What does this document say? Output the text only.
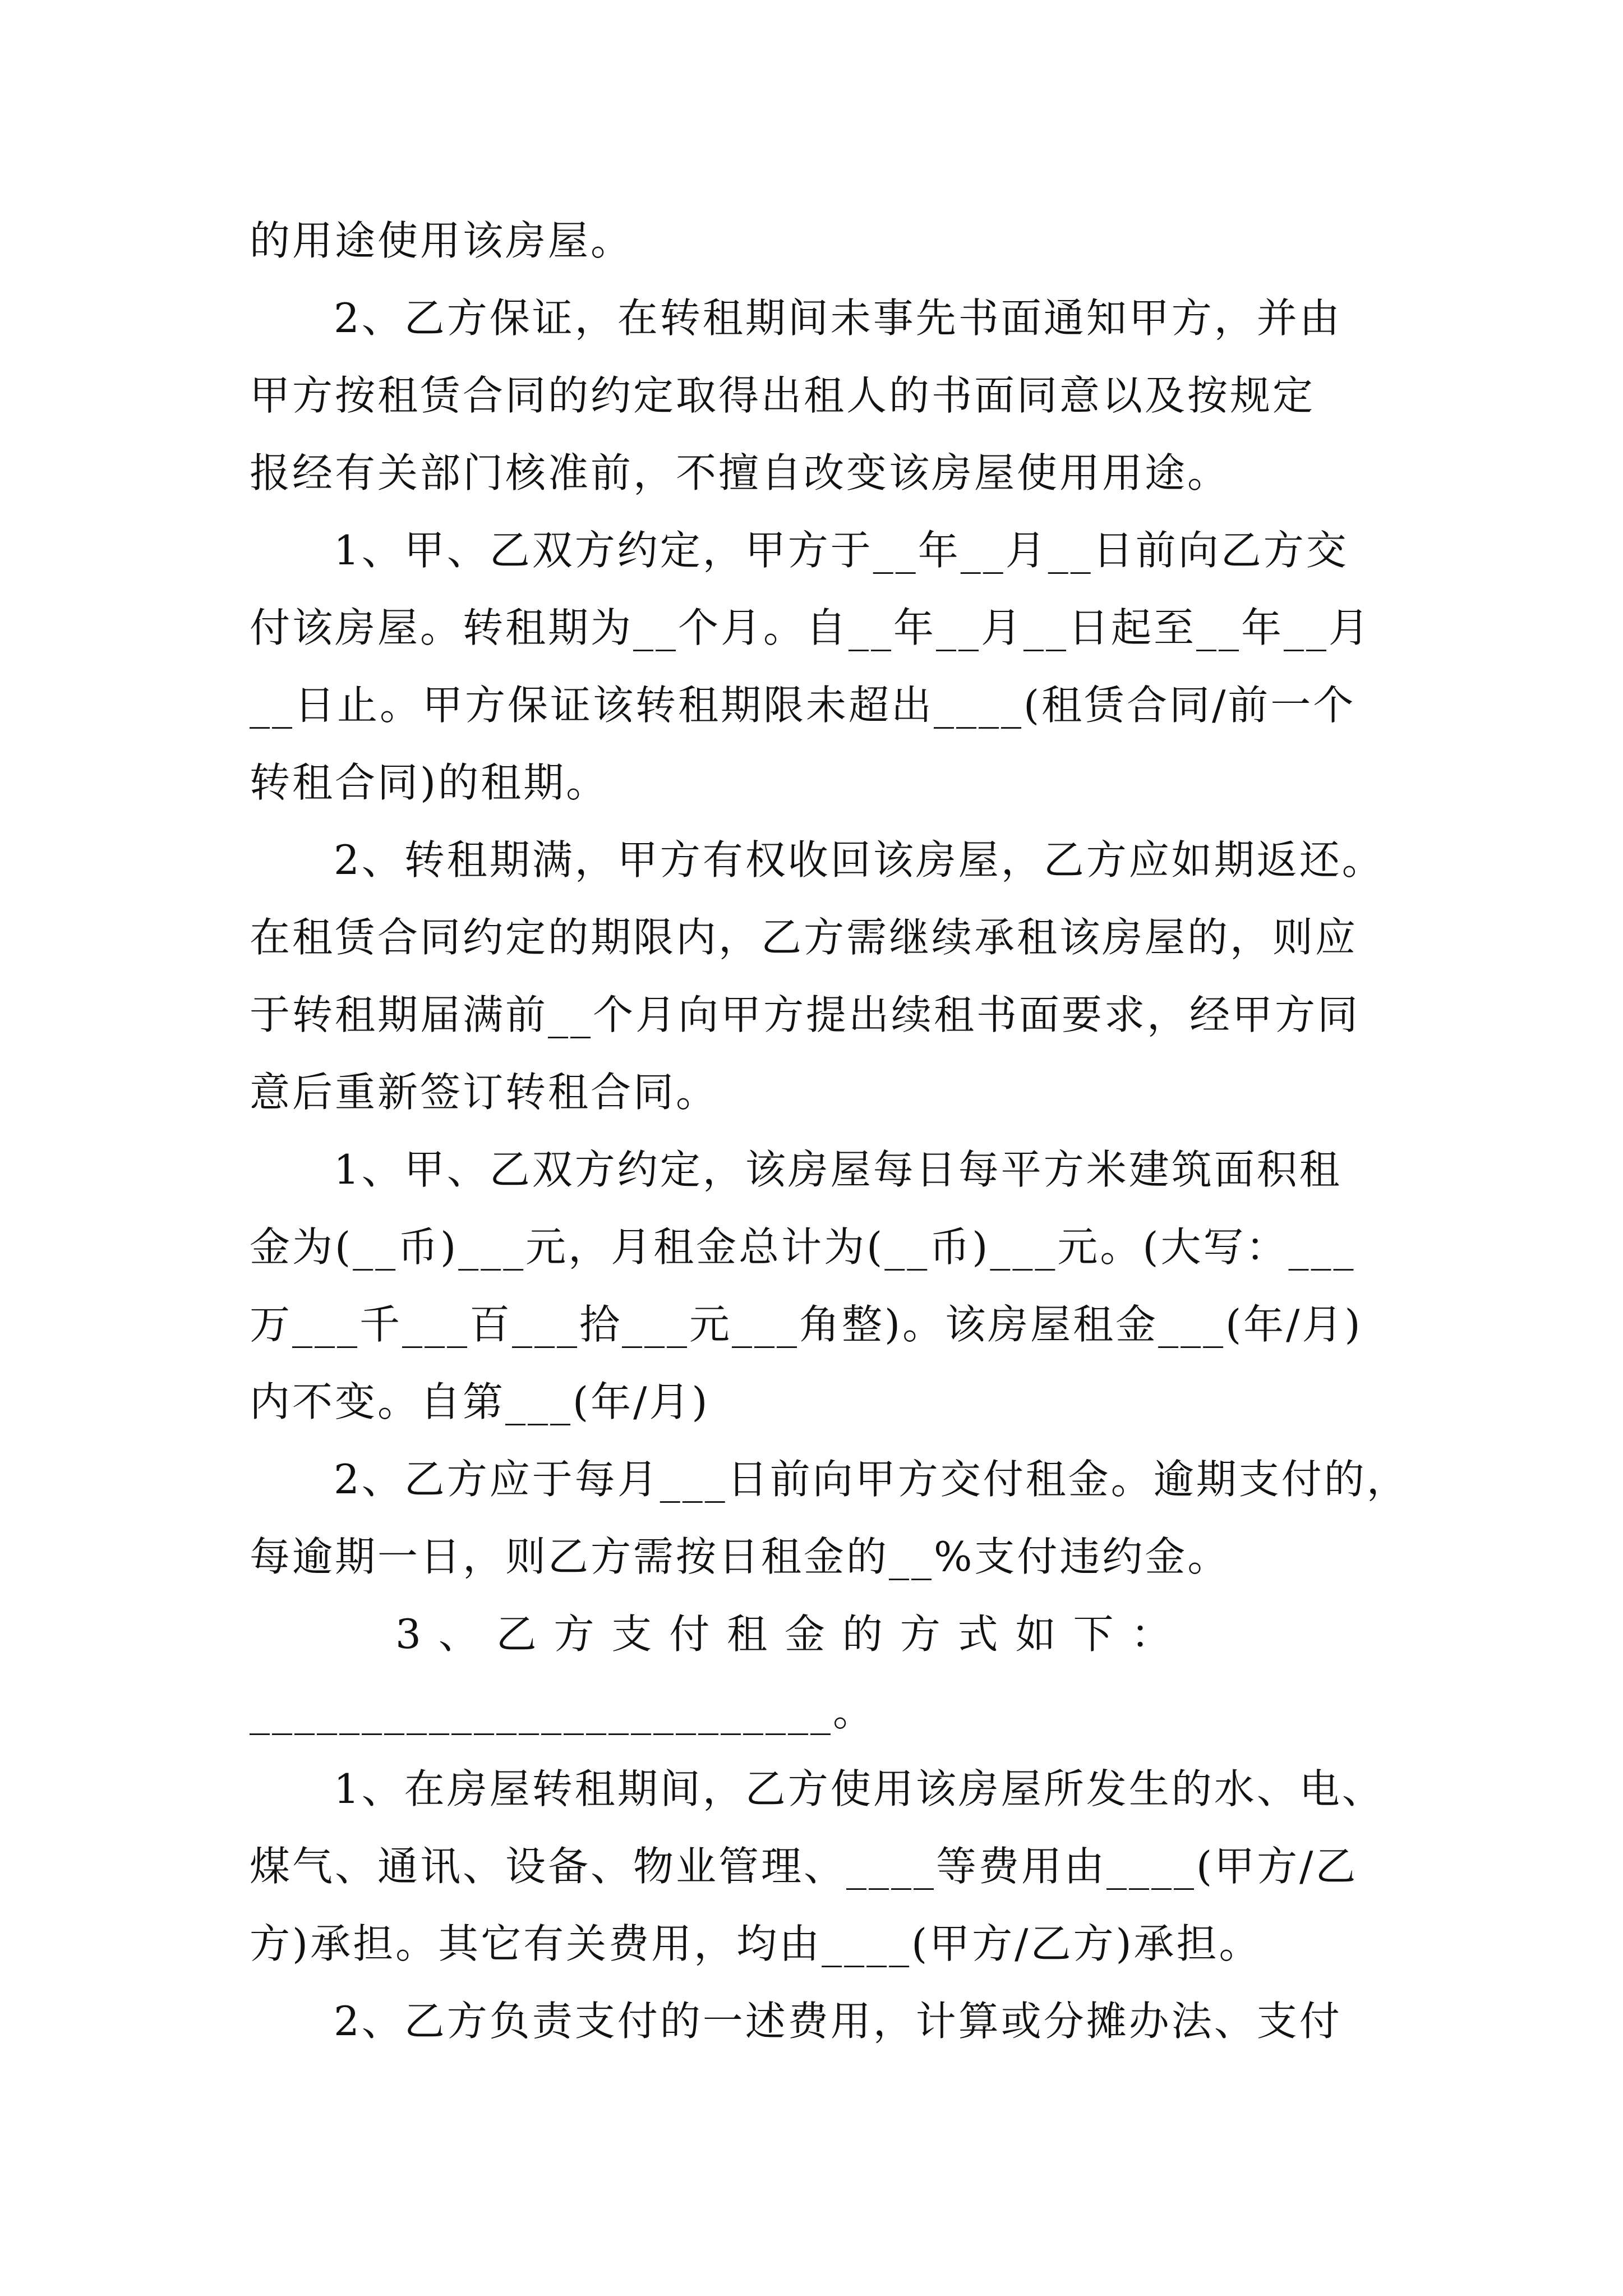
的用途使用该房屋。
2、乙方保证，在转租期间未事先书面通知甲方，并由
甲方按租赁合同的约定取得出租人的书面同意以及按规定
报经有关部门核准前，不擅自改变该房屋使用用途。
1、甲、乙双方约定，甲方于__年__月__日前向乙方交
付该房屋。转租期为__个月。自__年__月__日起至__年__月
__日止。甲方保证该转租期限未超出____(租赁合同/前一个
转租合同)的租期。
2、转租期满，甲方有权收回该房屋，乙方应如期返还。
在租赁合同约定的期限内，乙方需继续承租该房屋的，则应
于转租期届满前__个月向甲方提出续租书面要求，经甲方同
意后重新签订转租合同。
1、甲、乙双方约定，该房屋每日每平方米建筑面积租
金为(__币)___元，月租金总计为(__币)___元。(大写：___
万___千___百___拾___元___角整)。该房屋租金___(年/月)
内不变。自第___(年/月)
2、乙方应于每月___日前向甲方交付租金。逾期支付的，
每逾期一日，则乙方需按日租金的__%支付违约金。
3 、 乙 方 支 付 租 金 的 方 式 如 下 ：
__________________________。
1、在房屋转租期间，乙方使用该房屋所发生的水、电、
煤气、通讯、设备、物业管理、____等费用由____(甲方/乙
方)承担。其它有关费用，均由____(甲方/乙方)承担。
2、乙方负责支付的一述费用，计算或分摊办法、支付
